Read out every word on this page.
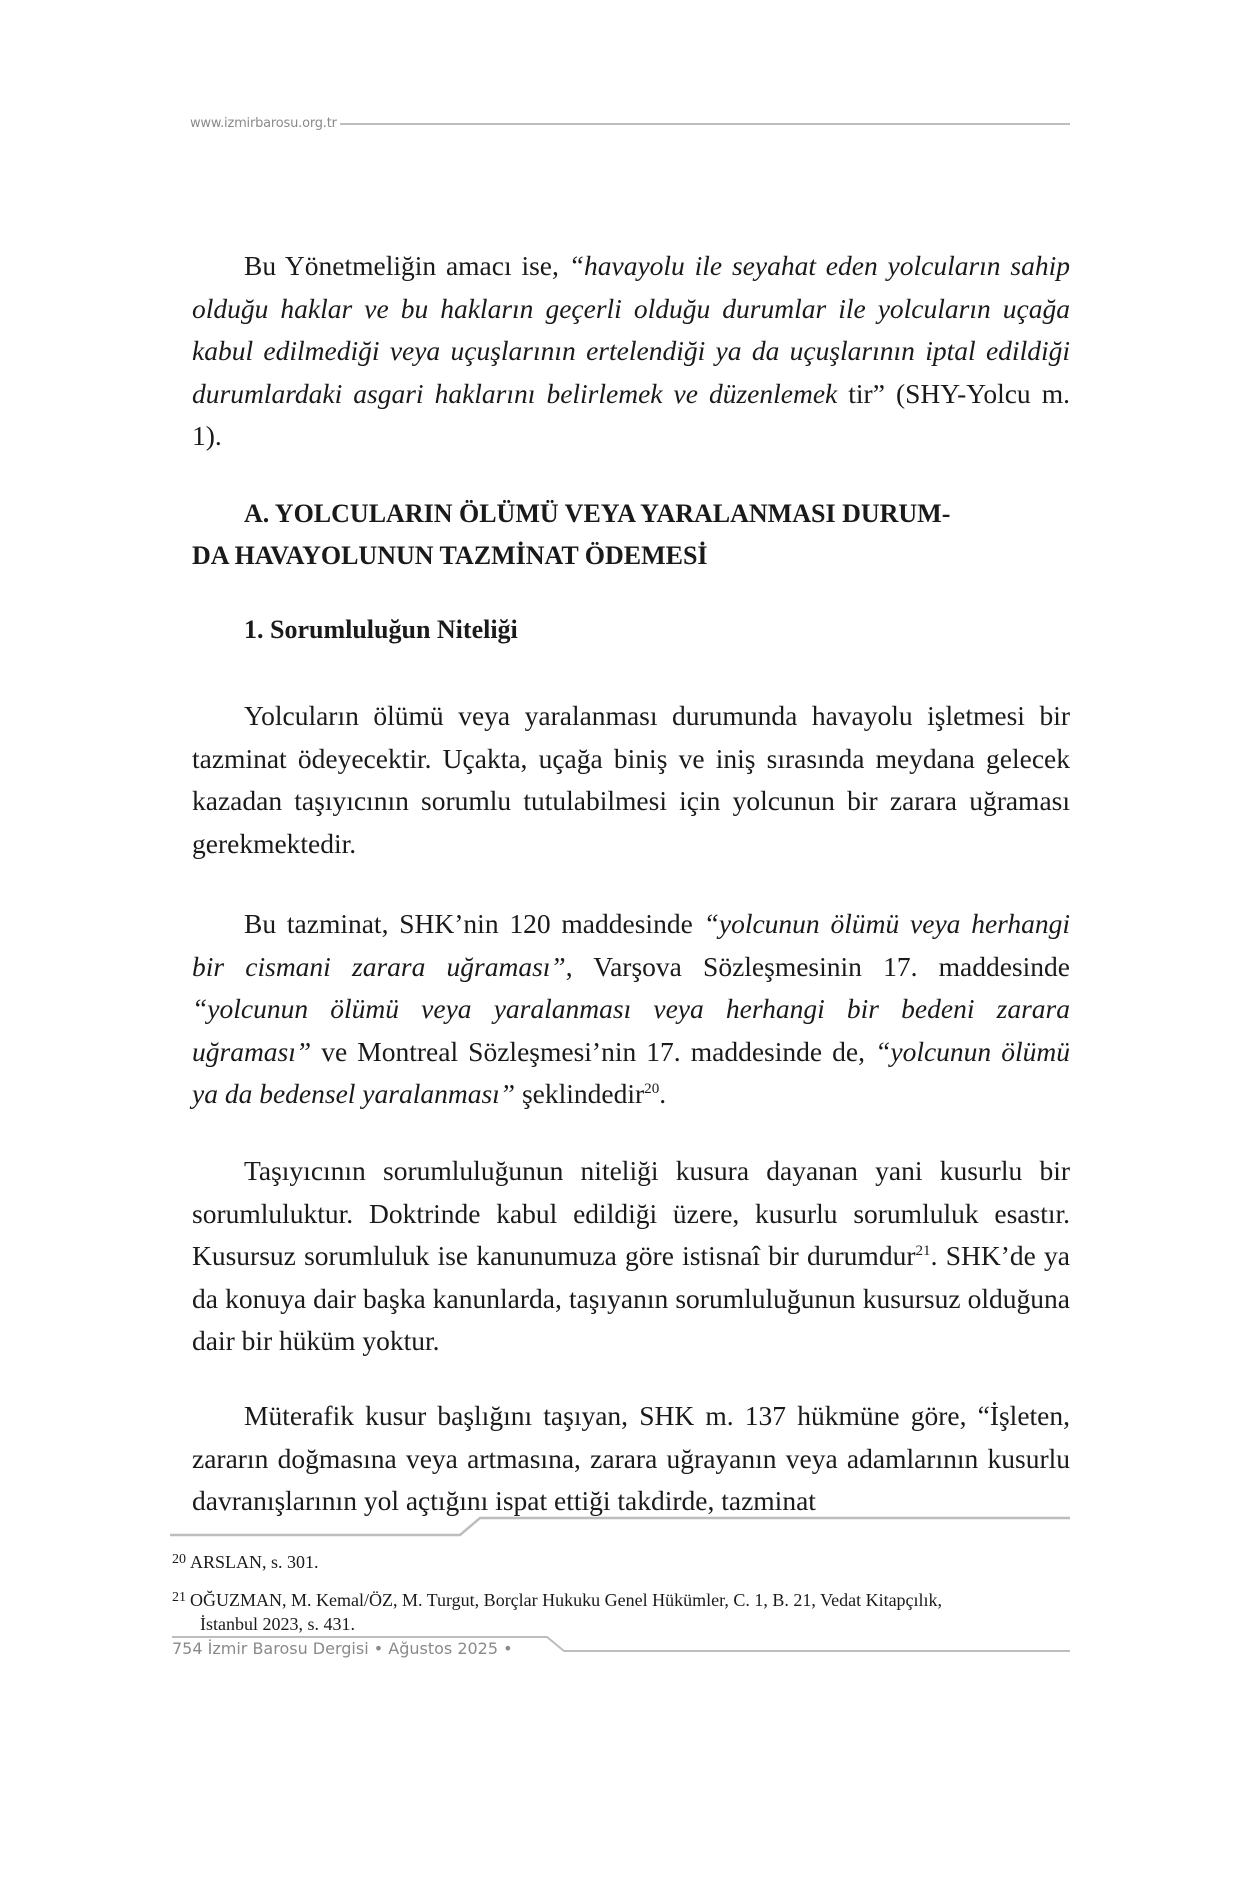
www.izmirbarosu.org.tr

Bu Yönetmeliğin amacı ise, “havayolu ile seyahat eden yolcuların sahip olduğu haklar ve bu hakların geçerli olduğu durumlar ile yolcuların uçağa kabul edilmediği veya uçuşlarının ertelendiği ya da uçuşlarının iptal edildiği durumlardaki asgari haklarını belirlemek ve düzenlemek tir” (SHY-Yolcu m. 1).

A. YOLCULARIN ÖLÜMÜ VEYA YARALANMASI DURUM-
DA HAVAYOLUNUN TAZMİNAT ÖDEMESİ
1. Sorumluluğun Niteliği

Yolcuların ölümü veya yaralanması durumunda havayolu işletmesi bir tazminat ödeyecektir. Uçakta, uçağa biniş ve iniş sırasında meydana gelecek kazadan taşıyıcının sorumlu tutulabilmesi için yolcunun bir zarara uğraması gerekmektedir.

Bu tazminat, SHK’nin 120 maddesinde “yolcunun ölümü veya herhangi bir cismani zarara uğraması”, Varşova Sözleşmesinin 17. maddesinde “yolcunun ölümü veya yaralanması veya herhangi bir bedeni zarara uğraması” ve Montreal Sözleşmesi’nin 17. maddesinde de, “yolcunun ölümü ya da bedensel yaralanması” şeklindedir$^{20}$.

Taşıyıcının sorumluluğunun niteliği kusura dayanan yani kusurlu bir sorumluluktur. Doktrinde kabul edildiği üzere, kusurlu sorumluluk esastır. Kusursuz sorumluluk ise kanunumuza göre istisnaî bir durumdur$^{21}$. SHK’de ya da konuya dair başka kanunlarda, taşıyanın sorumluluğunun kusursuz olduğuna dair bir hüküm yoktur.

Müterafik kusur başlığını taşıyan, SHK m. 137 hükmüne göre, “İşleten, zararın doğmasına veya artmasına, zarara uğrayanın veya adamlarının kusurlu davranışlarının yol açtığını ispat ettiği takdirde, tazminat

$^{20}$ ARSLAN, s. 301.
$^{21}$ OĞUZMAN, M. Kemal/ÖZ, M. Turgut, Borçlar Hukuku Genel Hükümler, C. 1, B. 21, Vedat Kitapçılık,
İstanbul 2023, s. 431.
754 İzmir Barosu Dergisi • Ağustos 2025 •
